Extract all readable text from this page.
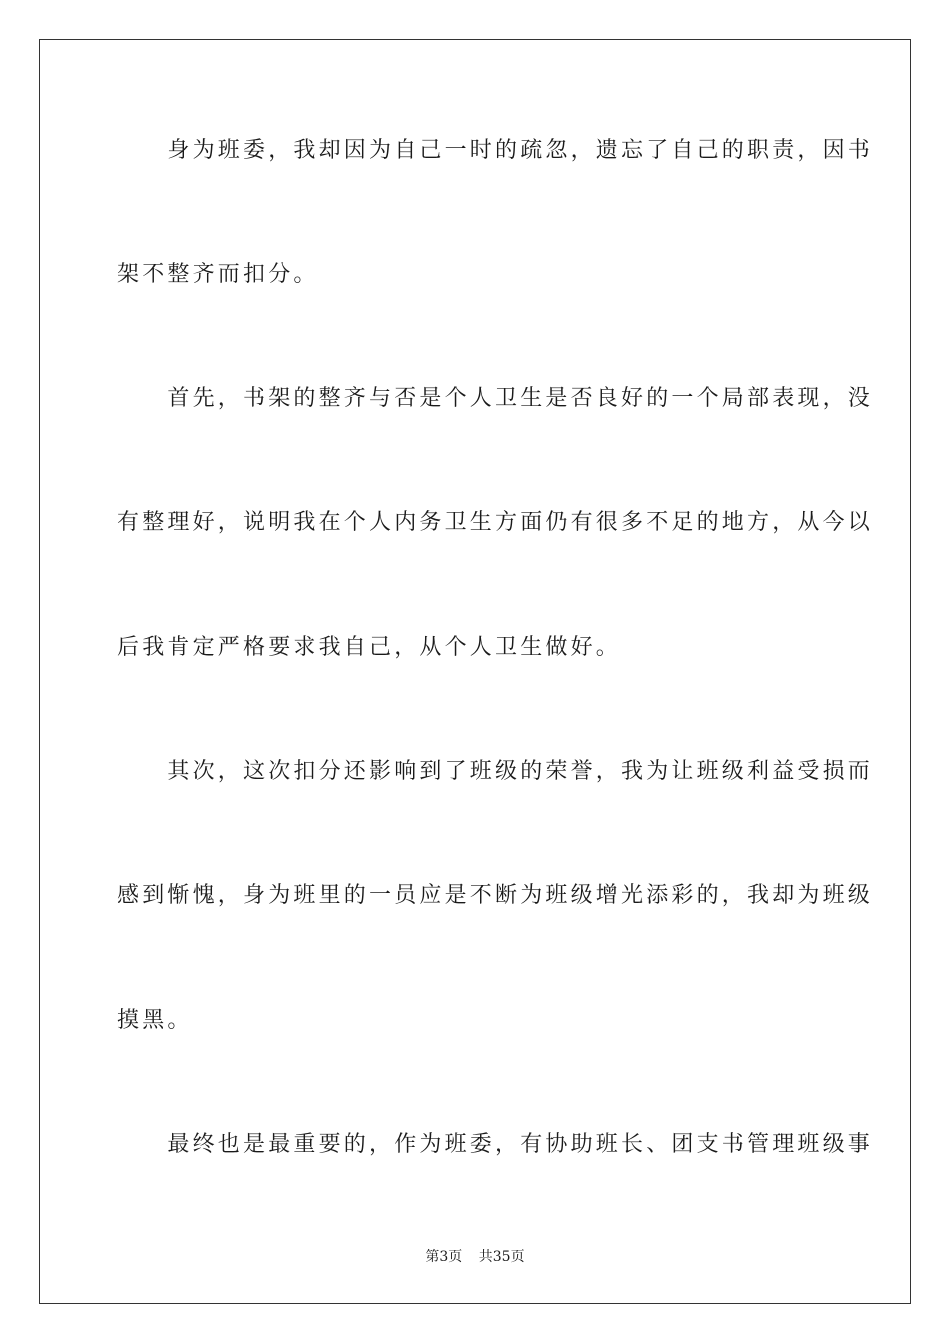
　　身为班委，我却因为自己一时的疏忽，遗忘了自己的职责，因书
架不整齐而扣分。
　　首先，书架的整齐与否是个人卫生是否良好的一个局部表现，没
有整理好，说明我在个人内务卫生方面仍有很多不足的地方，从今以
后我肯定严格要求我自己，从个人卫生做好。
　　其次，这次扣分还影响到了班级的荣誉，我为让班级利益受损而
感到惭愧，身为班里的一员应是不断为班级增光添彩的，我却为班级
摸黑。
　　最终也是最重要的，作为班委，有协助班长、团支书管理班级事
第3页 共35页
